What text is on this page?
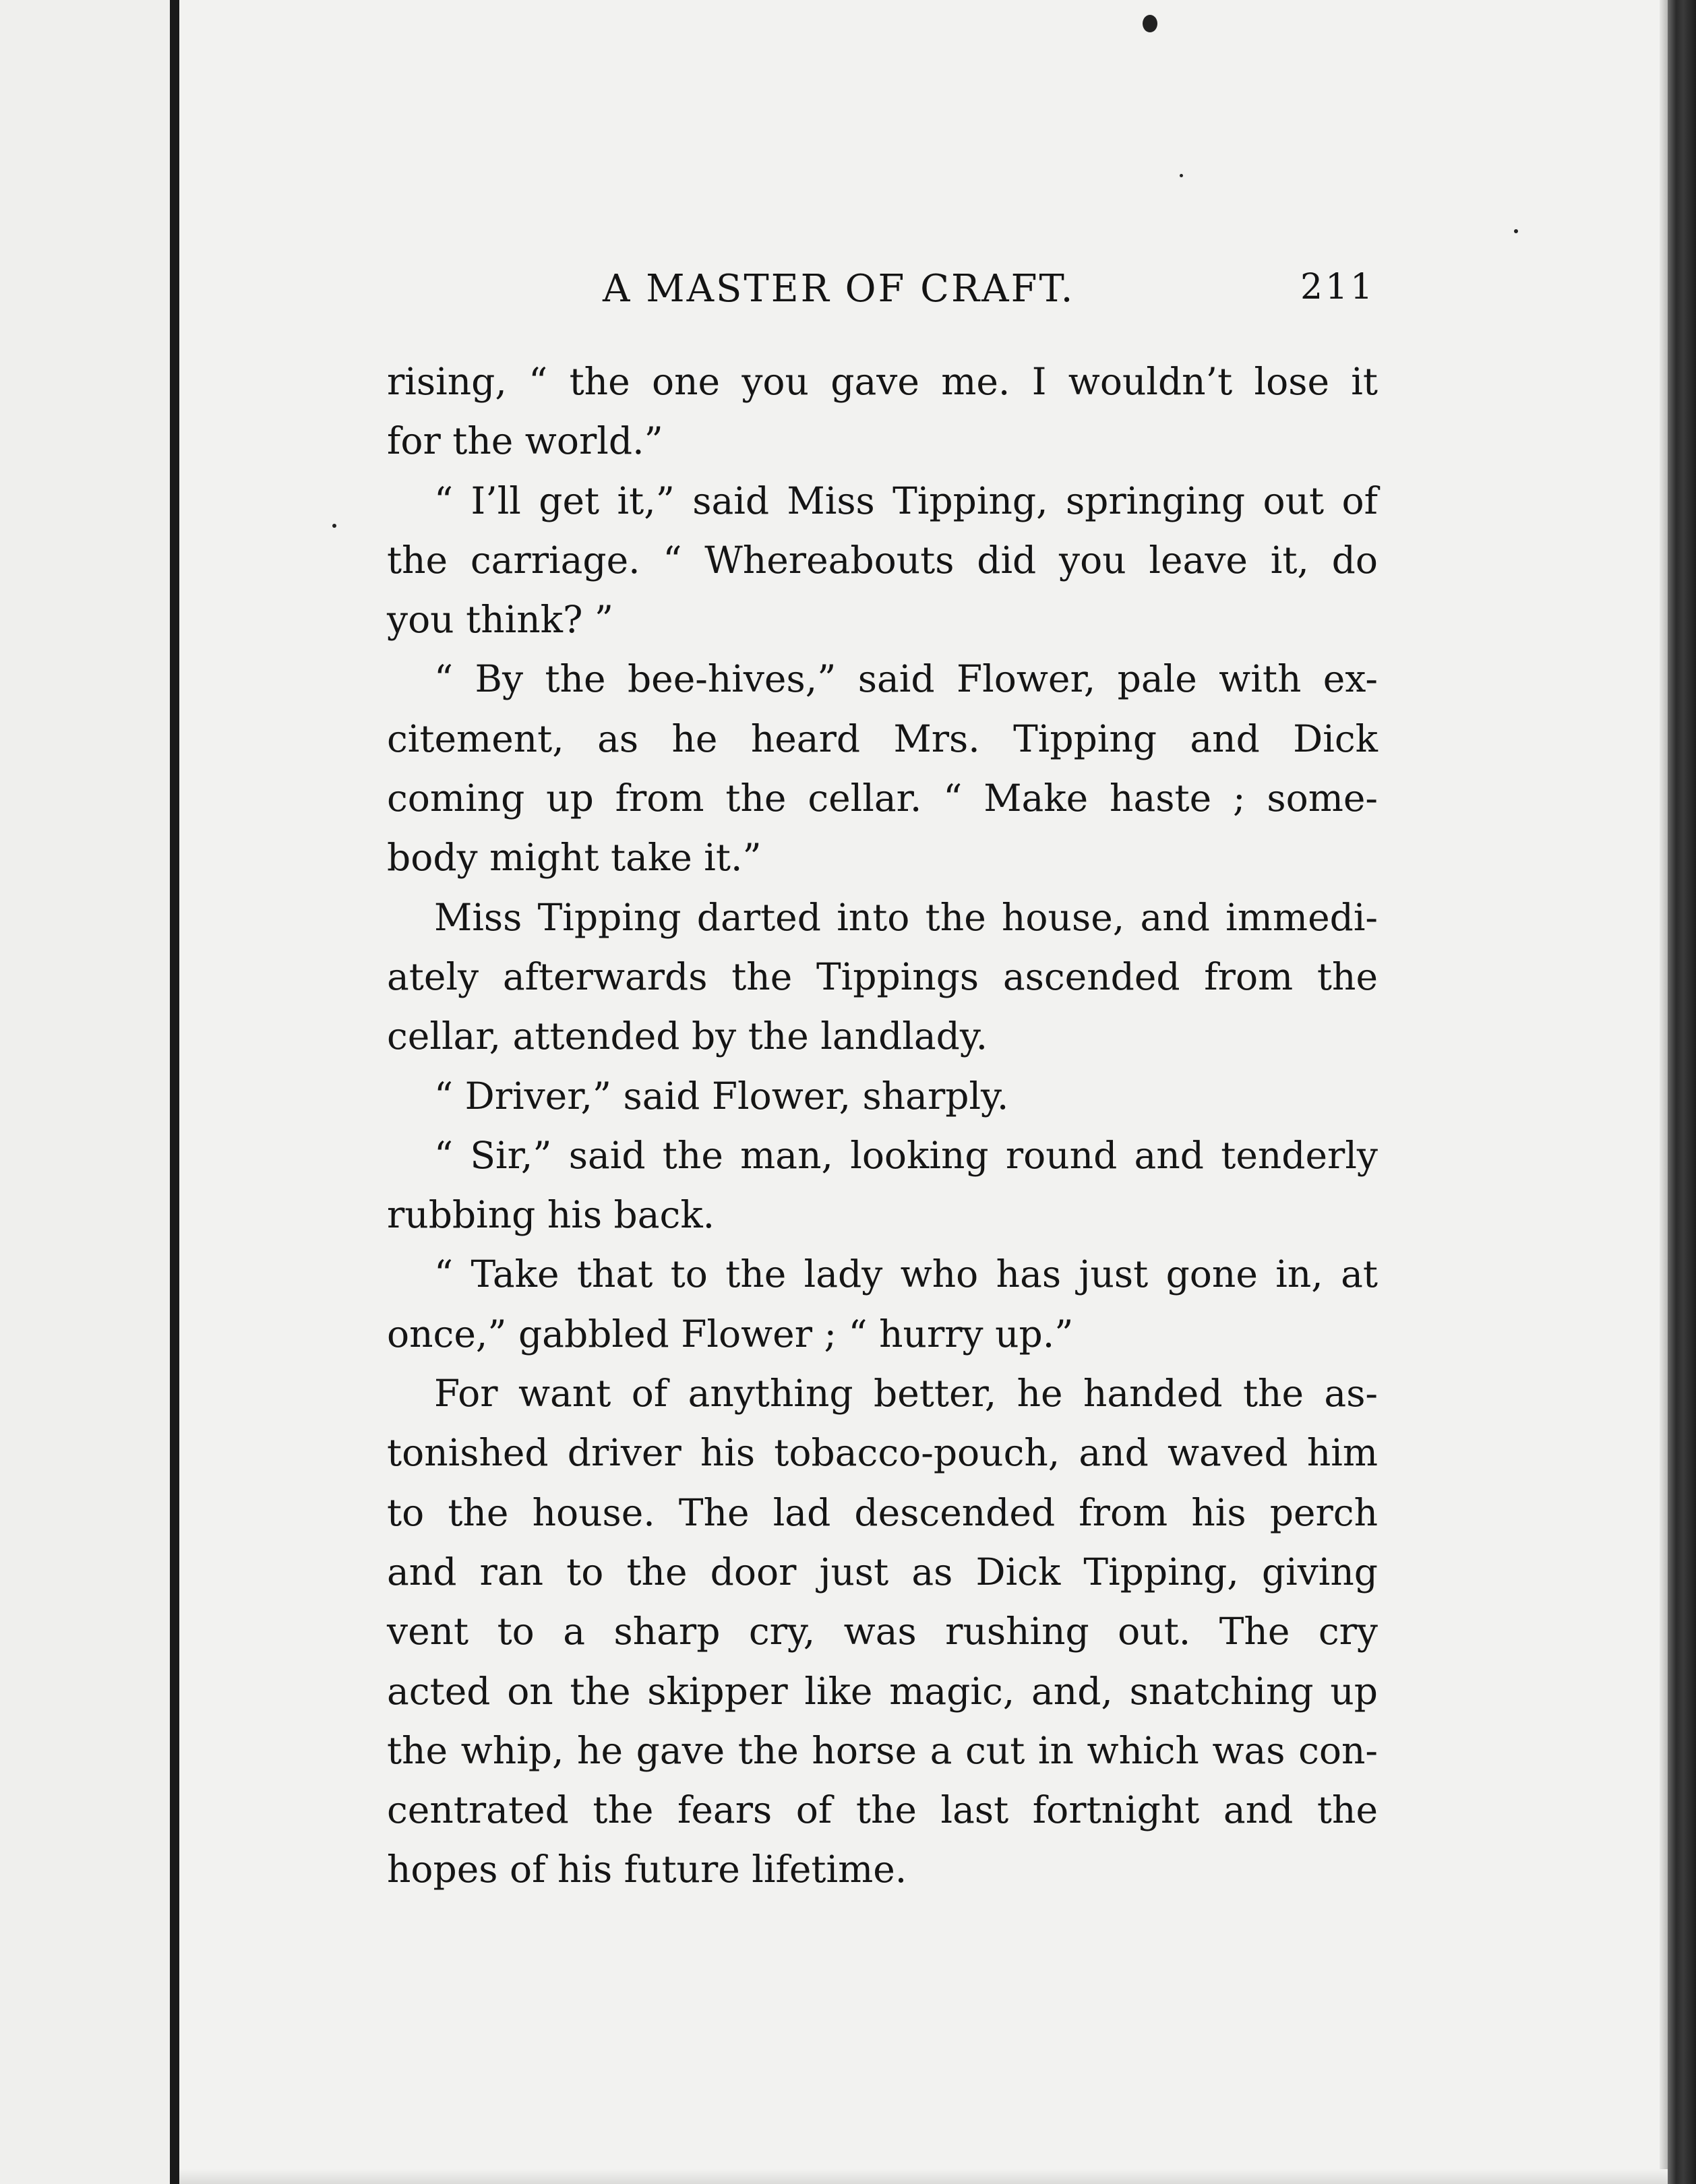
A MASTER OF CRAFT.	211
rising, “ the one you gave me. I wouldn’t lose it
for the world.”
“ I’ll get it,” said Miss Tipping, springing out of
the carriage. “ Whereabouts did you leave it, do
you think? ”
“ By the bee-hives,” said Flower, pale with ex-
citement, as he heard Mrs. Tipping and Dick
coming up from the cellar. “ Make haste ; some-
body might take it.”
Miss Tipping darted into the house, and immedi-
ately afterwards the Tippings ascended from the
cellar, attended by the landlady.
“ Driver,” said Flower, sharply.
“ Sir,” said the man, looking round and tenderly
rubbing his back.
“ Take that to the lady who has just gone in, at
once,” gabbled Flower ; “ hurry up.”
For want of anything better, he handed the as-
tonished driver his tobacco-pouch, and waved him
to the house. The lad descended from his perch
and ran to the door just as Dick Tipping, giving
vent to a sharp cry, was rushing out. The cry
acted on the skipper like magic, and, snatching up
the whip, he gave the horse a cut in which was con-
centrated the fears of the last fortnight and the
hopes of his future lifetime.
